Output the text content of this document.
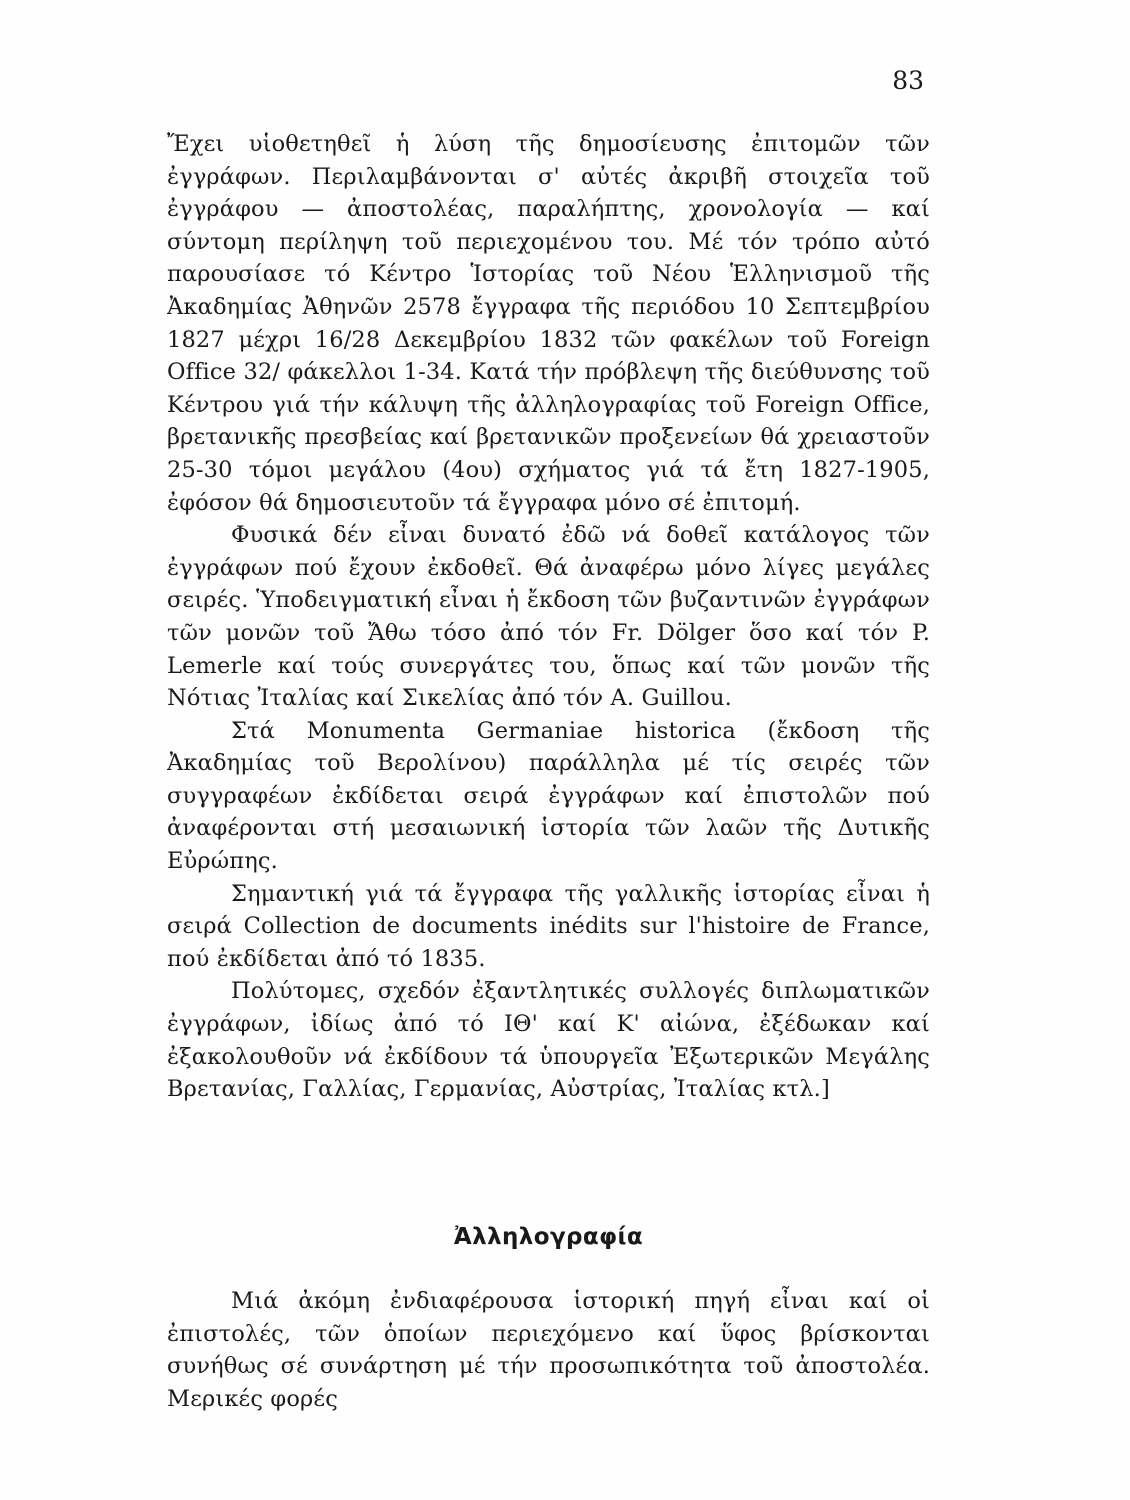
83

Ἔχει υἱοθετηθεῖ ἡ λύση τῆς δημοσίευσης ἐπιτομῶν τῶν ἐγγράφων. Περιλαμβάνονται σ' αὐτές ἀκριβῆ στοιχεῖα τοῦ ἐγγράφου — ἀποστολέας, παραλήπτης, χρονολογία — καί σύντομη περίληψη τοῦ περιεχομένου του. Μέ τόν τρόπο αὐτό παρουσίασε τό Κέντρο Ἱστορίας τοῦ Νέου Ἑλληνισμοῦ τῆς Ἀκαδημίας Ἀθηνῶν 2578 ἔγγραφα τῆς περιόδου 10 Σεπτεμβρίου 1827 μέχρι 16/28 Δεκεμβρίου 1832 τῶν φακέλων τοῦ Foreign Office 32/ φάκελλοι 1-34. Κατά τήν πρόβλεψη τῆς διεύθυνσης τοῦ Κέντρου γιά τήν κάλυψη τῆς ἀλληλογραφίας τοῦ Foreign Office, βρετανικῆς πρεσβείας καί βρετανικῶν προξενείων θά χρειαστοῦν 25-30 τόμοι μεγάλου (4ου) σχήματος γιά τά ἔτη 1827-1905, ἐφόσον θά δημοσιευτοῦν τά ἔγγραφα μόνο σέ ἐπιτομή.

Φυσικά δέν εἶναι δυνατό ἐδῶ νά δοθεῖ κατάλογος τῶν ἐγγράφων πού ἔχουν ἐκδοθεῖ. Θά ἀναφέρω μόνο λίγες μεγάλες σειρές. Ὑποδειγματική εἶναι ἡ ἔκδοση τῶν βυζαντινῶν ἐγγράφων τῶν μονῶν τοῦ Ἄθω τόσο ἀπό τόν Fr. Dölger ὅσο καί τόν P. Lemerle καί τούς συνεργάτες του, ὅπως καί τῶν μονῶν τῆς Νότιας Ἰταλίας καί Σικελίας ἀπό τόν A. Guillou.

Στά Monumenta Germaniae historica (ἔκδοση τῆς Ἀκαδημίας τοῦ Βερολίνου) παράλληλα μέ τίς σειρές τῶν συγγραφέων ἐκδίδεται σειρά ἐγγράφων καί ἐπιστολῶν πού ἀναφέρονται στή μεσαιωνική ἱστορία τῶν λαῶν τῆς Δυτικῆς Εὐρώπης.

Σημαντική γιά τά ἔγγραφα τῆς γαλλικῆς ἱστορίας εἶναι ἡ σειρά Collection de documents inédits sur l'histoire de France, πού ἐκδίδεται ἀπό τό 1835.

Πολύτομες, σχεδόν ἐξαντλητικές συλλογές διπλωματικῶν ἐγγράφων, ἰδίως ἀπό τό ΙΘ' καί Κ' αἰώνα, ἐξέδωκαν καί ἐξακολουθοῦν νά ἐκδίδουν τά ὑπουργεῖα Ἐξωτερικῶν Μεγάλης Βρετανίας, Γαλλίας, Γερμανίας, Αὐστρίας, Ἰταλίας κτλ.]

Ἀλληλογραφία

Μιά ἀκόμη ἐνδιαφέρουσα ἱστορική πηγή εἶναι καί οἱ ἐπιστολές, τῶν ὁποίων περιεχόμενο καί ὕφος βρίσκονται συνήθως σέ συνάρτηση μέ τήν προσωπικότητα τοῦ ἀποστολέα. Μερικές φορές
